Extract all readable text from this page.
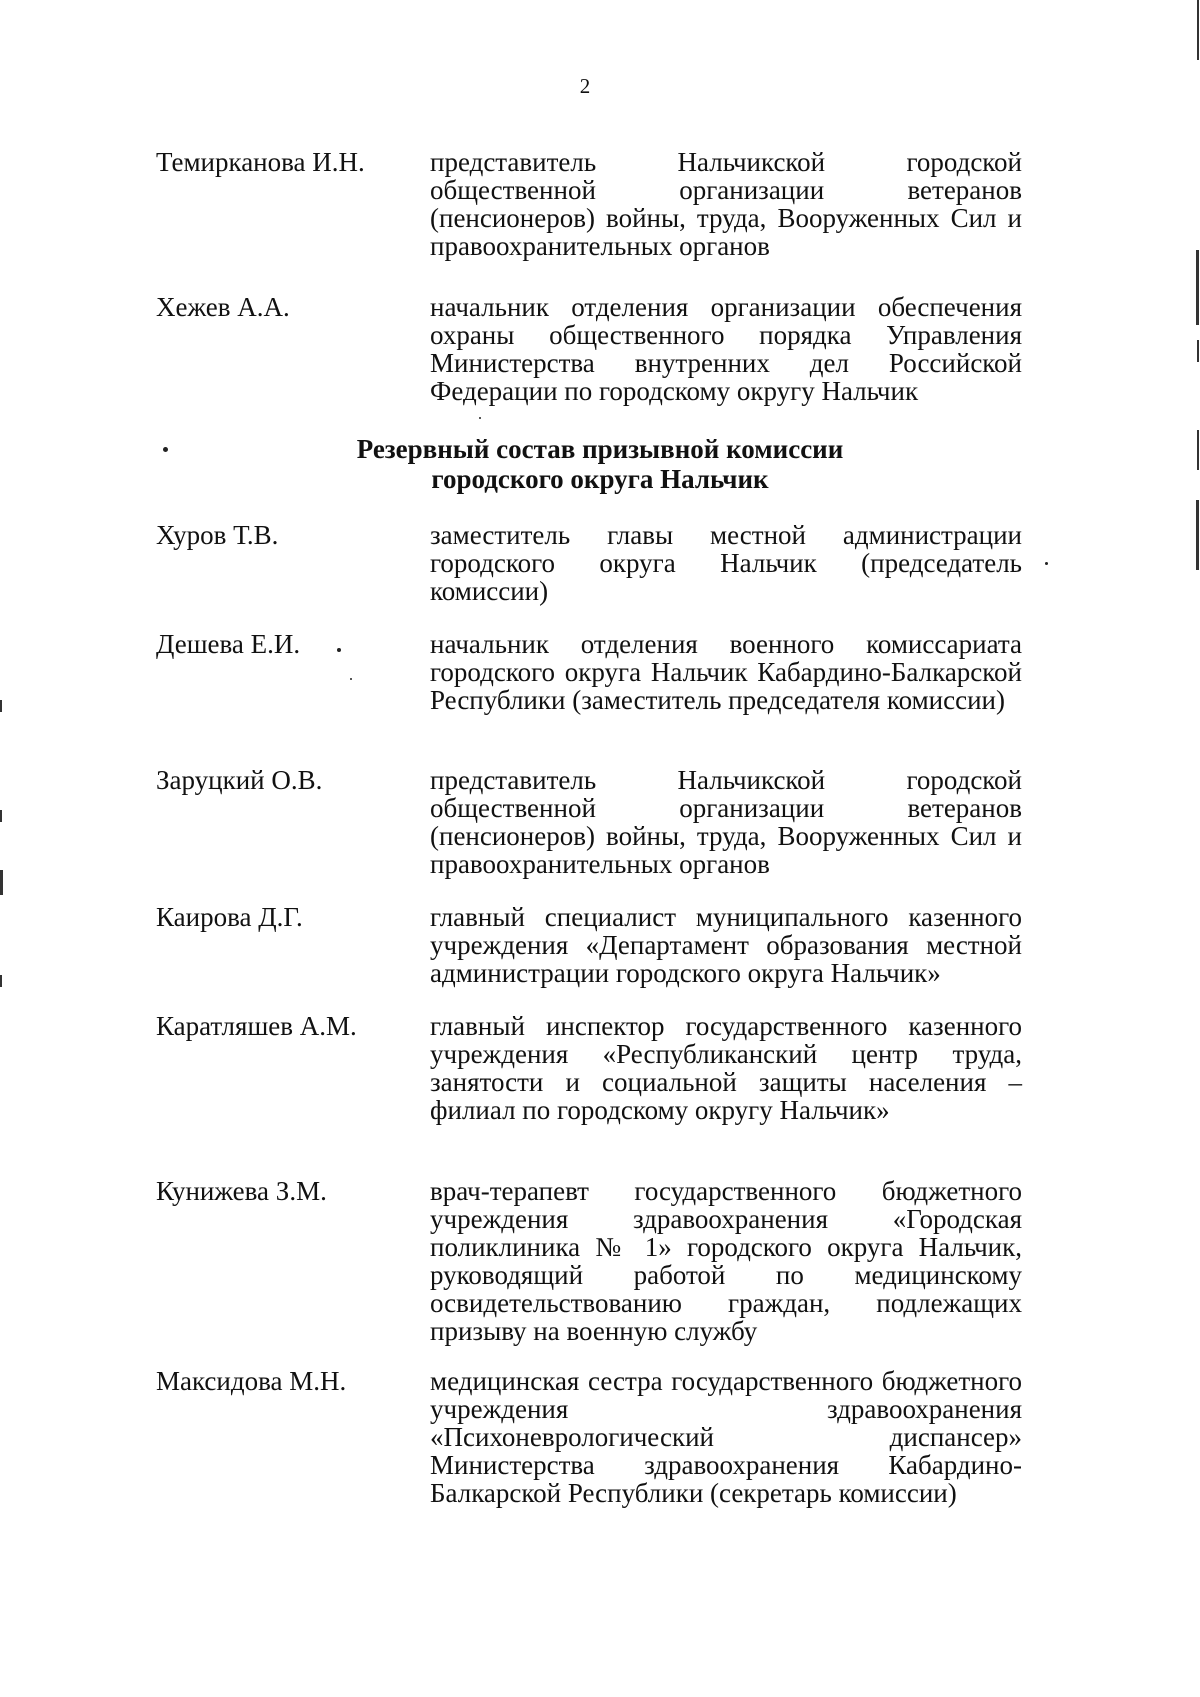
2
Темирканова И.Н. представитель Нальчикской городской общественной организации ветеранов (пенсионеров) войны, труда, Вооруженных Сил и правоохранительных органов
Хежев А.А.	начальник отделения организации обеспечения охраны общественного порядка Управления Министерства внутренних дел Российской Федерации по городскому округу Нальчик
Резервный состав призывной комиссии
городского округа Нальчик
Хуров Т.В.	заместитель главы местной администрации городского округа Нальчик (председатель комиссии)
Дешева Е.И.	начальник отделения военного комиссариата городского округа Нальчик Кабардино-Балкарской Республики (заместитель председателя комиссии)
Заруцкий О.В.	представитель Нальчикской городской общественной организации ветеранов (пенсионеров) войны, труда, Вооруженных Сил и правоохранительных органов
Каирова Д.Г.	главный специалист муниципального казенного учреждения «Департамент образования местной администрации городского округа Нальчик»
Каратляшев А.М.	главный инспектор государственного казенного учреждения «Республиканский центр труда, занятости и социальной защиты населения – филиал по городскому округу Нальчик»
Кунижева З.М.	врач-терапевт государственного бюджетного учреждения здравоохранения «Городская поликлиника № 1» городского округа Нальчик, руководящий работой по медицинскому освидетельствованию граждан, подлежащих призыву на военную службу
Максидова М.Н.	медицинская сестра государственного бюджетного учреждения здравоохранения «Психоневрологический диспансер» Министерства здравоохранения Кабардино-Балкарской Республики (секретарь комиссии)
